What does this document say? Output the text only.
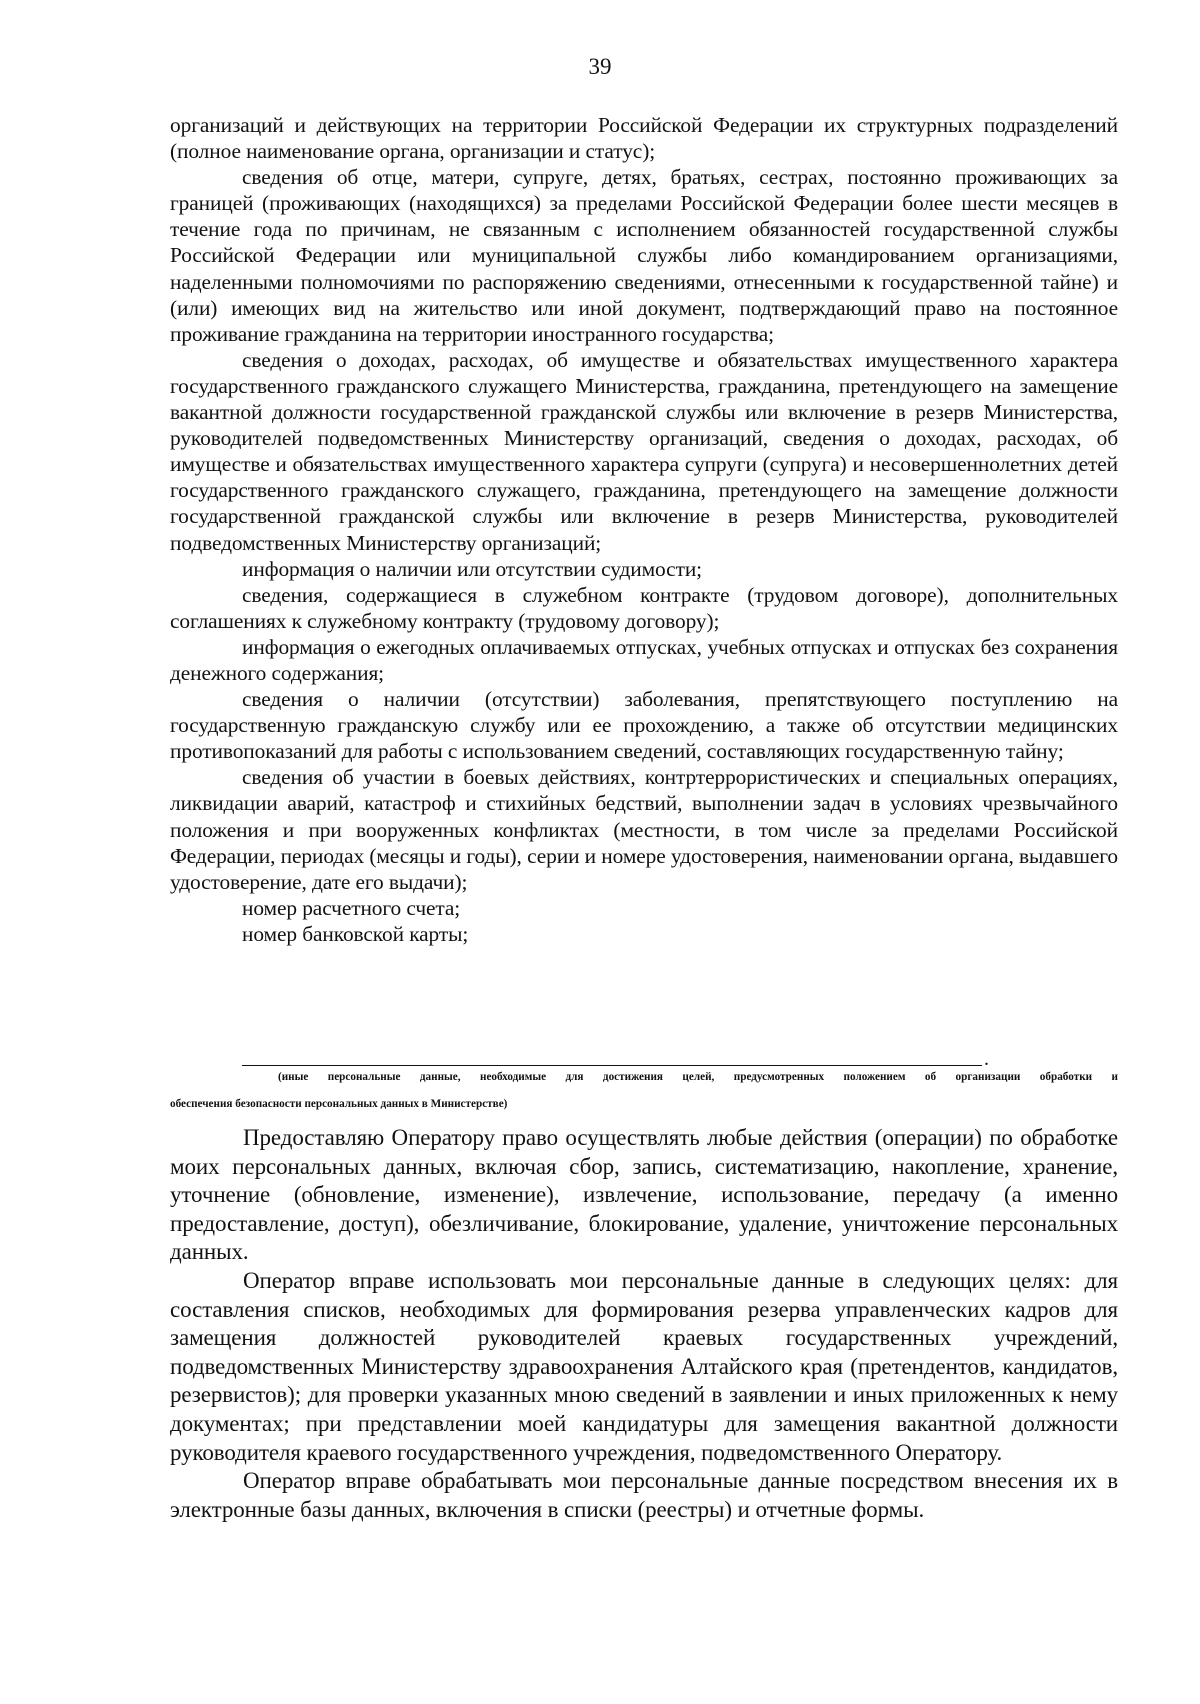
39

организаций и действующих на территории Российской Федерации их структурных подразделений (полное наименование органа, организации и статус);

сведения об отце, матери, супруге, детях, братьях, сестрах, постоянно проживающих за границей (проживающих (находящихся) за пределами Российской Федерации более шести месяцев в течение года по причинам, не связанным с исполнением обязанностей государственной службы Российской Федерации или муниципальной службы либо командированием организациями, наделенными полномочиями по распоряжению сведениями, отнесенными к государственной тайне) и (или) имеющих вид на жительство или иной документ, подтверждающий право на постоянное проживание гражданина на территории иностранного государства;

сведения о доходах, расходах, об имуществе и обязательствах имущественного характера государственного гражданского служащего Министерства, гражданина, претендующего на замещение вакантной должности государственной гражданской службы или включение в резерв Министерства, руководителей подведомственных Министерству организаций, сведения о доходах, расходах, об имуществе и обязательствах имущественного характера супруги (супруга) и несовершеннолетних детей государственного гражданского служащего, гражданина, претендующего на замещение должности государственной гражданской службы или включение в резерв Министерства, руководителей подведомственных Министерству организаций;

информация о наличии или отсутствии судимости;

сведения, содержащиеся в служебном контракте (трудовом договоре), дополнительных соглашениях к служебному контракту (трудовому договору);

информация о ежегодных оплачиваемых отпусках, учебных отпусках и отпусках без сохранения денежного содержания;

сведения о наличии (отсутствии) заболевания, препятствующего поступлению на государственную гражданскую службу или ее прохождению, а также об отсутствии медицинских противопоказаний для работы с использованием сведений, составляющих государственную тайну;

сведения об участии в боевых действиях, контртеррористических и специальных операциях, ликвидации аварий, катастроф и стихийных бедствий, выполнении задач в условиях чрезвычайного положения и при вооруженных конфликтах (местности, в том числе за пределами Российской Федерации, периодах (месяцы и годы), серии и номере удостоверения, наименовании органа, выдавшего удостоверение, дате его выдачи);

номер расчетного счета;

номер банковской карты;

.
(иные персональные данные, необходимые для достижения целей, предусмотренных положением об организации обработки и
обеспечения безопасности персональных данных в Министерстве)

Предоставляю Оператору право осуществлять любые действия (операции) по обработке моих персональных данных, включая сбор, запись, систематизацию, накопление, хранение, уточнение (обновление, изменение), извлечение, использование, передачу (а именно предоставление, доступ), обезличивание, блокирование, удаление, уничтожение персональных данных.

Оператор вправе использовать мои персональные данные в следующих целях: для составления списков, необходимых для формирования резерва управленческих кадров для замещения должностей руководителей краевых государственных учреждений, подведомственных Министерству здравоохранения Алтайского края (претендентов, кандидатов, резервистов); для проверки указанных мною сведений в заявлении и иных приложенных к нему документах; при представлении моей кандидатуры для замещения вакантной должности руководителя краевого государственного учреждения, подведомственного Оператору.

Оператор вправе обрабатывать мои персональные данные посредством внесения их в электронные базы данных, включения в списки (реестры) и отчетные формы.
